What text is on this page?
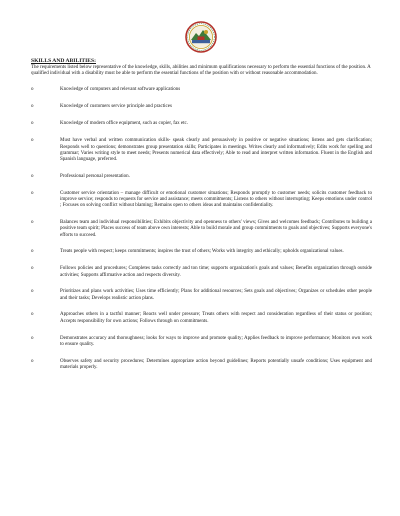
SKILLS AND ABILITIES:

The requirements listed below representative of the knowledge, skills, abilities and minimum qualifications necessary to perform the essential functions of the position. A qualified individual with a disability must be able to perform the essential functions of the position with or without reasonable accommodation.

o	Knowledge of computers and relevant software applications
o	Knowledge of customers service principle and practices
o	Knowledge of modern office equipment, such as copier, fax etc.
o	Must have verbal and written communication skills- speak clearly and persuasively in positive or negative situations; listens and gets clarification; Responds well to questions; demonstrates group presentation skills; Participates in meetings. Writes clearly and informatively; Edits work for spelling and grammar; Varies writing style to meet needs; Presents numerical data effectively; Able to read and interpret written information. Fluent in the English and Spanish language, preferred.
o	Professional personal presentation.
o	Customer service orientation – manage difficult or emotional customer situations; Responds promptly to customer needs; solicits customer feedback to improve service; responds to requests for service and assistance; meets commitments; Listens to others without interrupting; Keeps emotions under control ; Focuses on solving conflict without blaming; Remains open to others ideas and maintains confidentiality.
o	Balances team and individual responsibilities; Exhibits objectivity and openness to others' views; Gives and welcomes feedback; Contributes to building a positive team spirit; Places success of team above own interests; Able to build morale and group commitments to goals and objectives; Supports everyone's efforts to succeed.
o	Treats people with respect; keeps commitments; inspires the trust of others; Works with integrity and ethically; upholds organizational values.
o	Follows policies and procedures; Completes tasks correctly and ton time; supports organization's goals and values; Benefits organization through outside activities; Supports affirmative action and respects diversity.
o	Prioritizes and plans work activities; Uses time efficiently; Plans for additional resources; Sets goals and objectives; Organizes or schedules other people and their tasks; Develops realistic action plans.
o	Approaches others in a tactful manner; Reacts well under pressure; Treats others with respect and consideration regardless of their status or position; Accepts responsibility for own actions; Follows through on commitments.
o	Demonstrates accuracy and thoroughness; looks for ways to improve and promote quality; Applies feedback to improve performance; Monitors own work to ensure quality.
o	Observes safety and security procedures; Determines appropriate action beyond guidelines; Reports potentially unsafe conditions; Uses equipment and materials properly.
